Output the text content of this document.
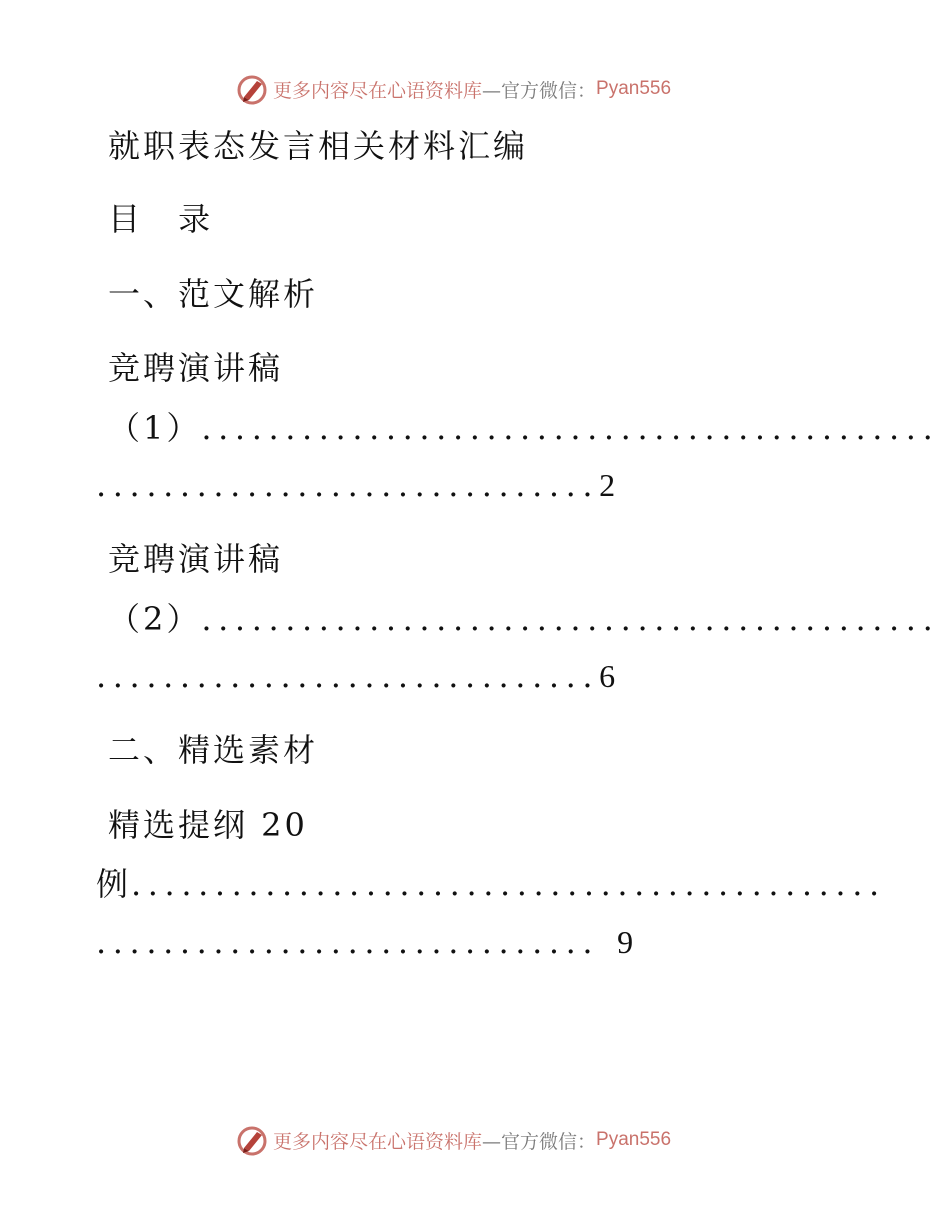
更多内容尽在心语资料库 —官方微信： Pyan556
就职表态发言相关材料汇编
目 录
一、范文解析
竞聘演讲稿
（1）............................................
..............................2
竞聘演讲稿
（2）............................................
..............................6
二、精选素材
精选提纲 20
例.............................................
.............................. 9
更多内容尽在心语资料库 —官方微信： Pyan556
